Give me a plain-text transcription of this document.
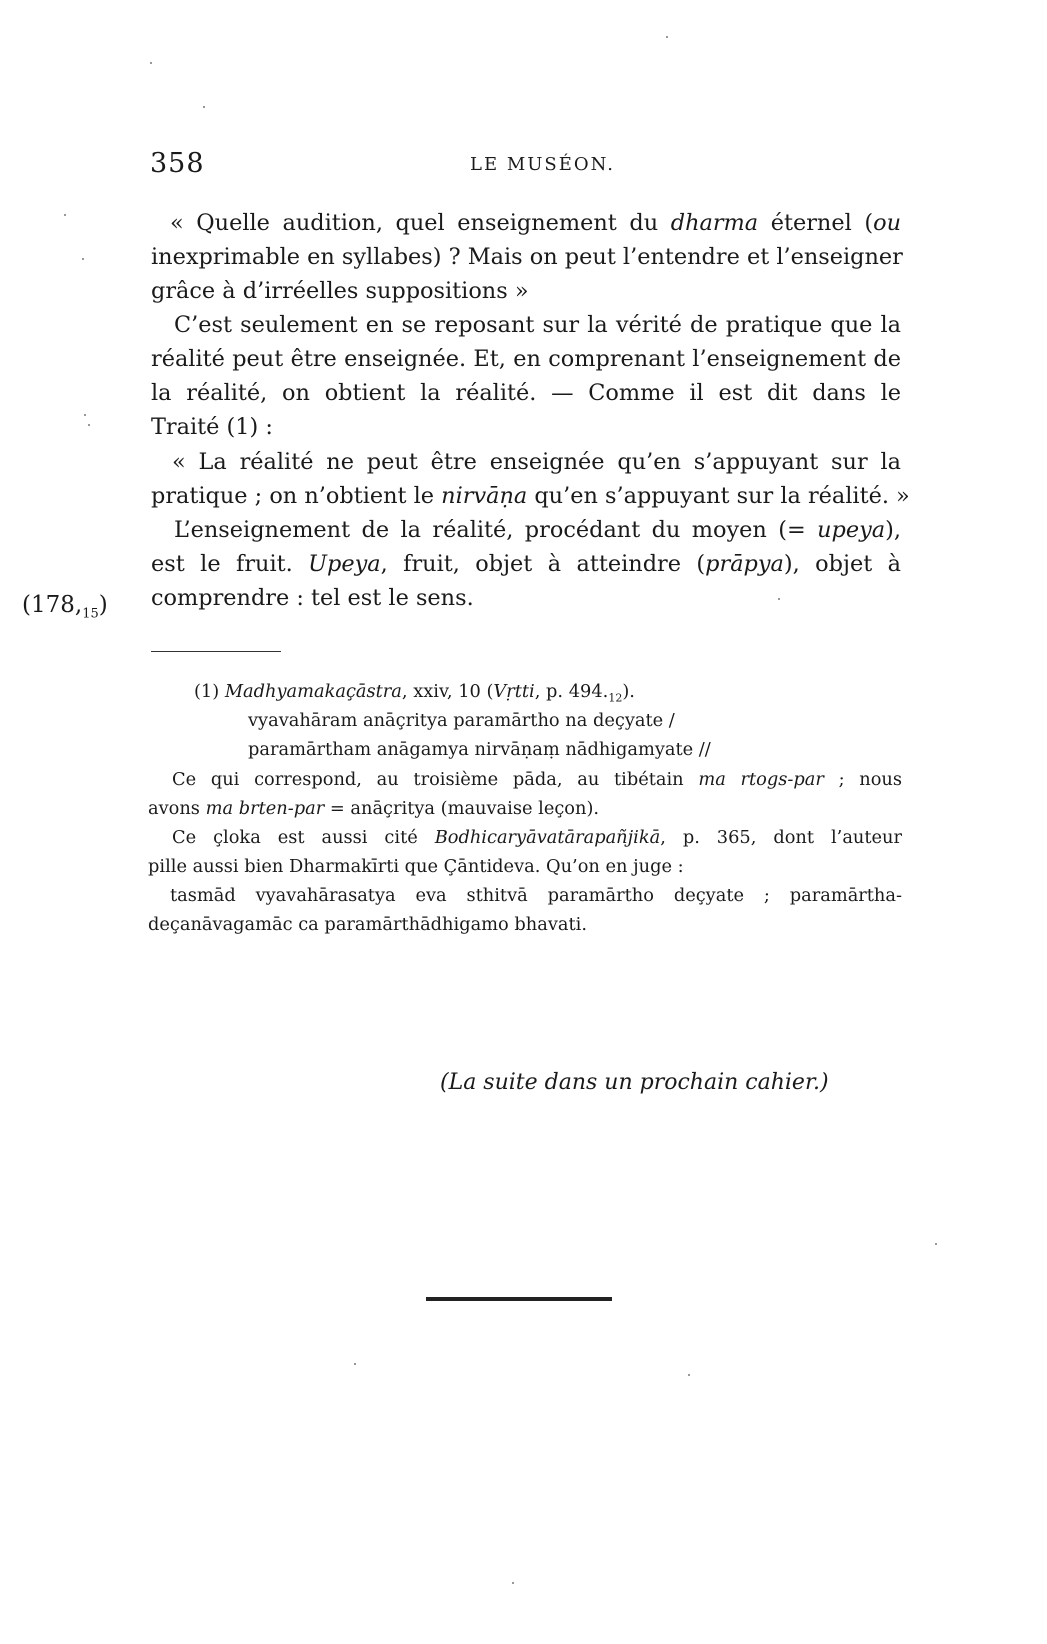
358	LE MUSÉON.
$(178,_{15})$
« Quelle audition, quel enseignement du dharma éternel (ou
inexprimable en syllabes) ? Mais on peut l’entendre et l’enseigner
grâce à d’irréelles suppositions »
C’est seulement en se reposant sur la vérité de pratique que la
réalité peut être enseignée. Et, en comprenant l’enseignement de
la réalité, on obtient la réalité. — Comme il est dit dans le
Traité (1) :
« La réalité ne peut être enseignée qu’en s’appuyant sur la
pratique ; on n’obtient le nirvāṇa qu’en s’appuyant sur la réalité. »
L’enseignement de la réalité, procédant du moyen (= upeya),
est le fruit. Upeya, fruit, objet à atteindre (prāpya), objet à
comprendre : tel est le sens.
(1) Madhyamakaçāstra, xxiv, 10 (Vṛtti, p. $494._{12}$).
vyavahāram anāçritya paramārtho na deçyate /
paramārtham anāgamya nirvāṇaṃ nādhigamyate //
Ce qui correspond, au troisième pāda, au tibétain ma rtogs-par ; nous
avons ma brten-par = anāçritya (mauvaise leçon).
Ce çloka est aussi cité Bodhicaryāvatārapañjikā, p. 365, dont l’auteur
pille aussi bien Dharmakīrti que Çāntideva. Qu’on en juge :
tasmād vyavahārasatya eva sthitvā paramārtho deçyate ; paramārtha-
deçanāvagamāc ca paramārthādhigamo bhavati.
(La suite dans un prochain cahier.)
